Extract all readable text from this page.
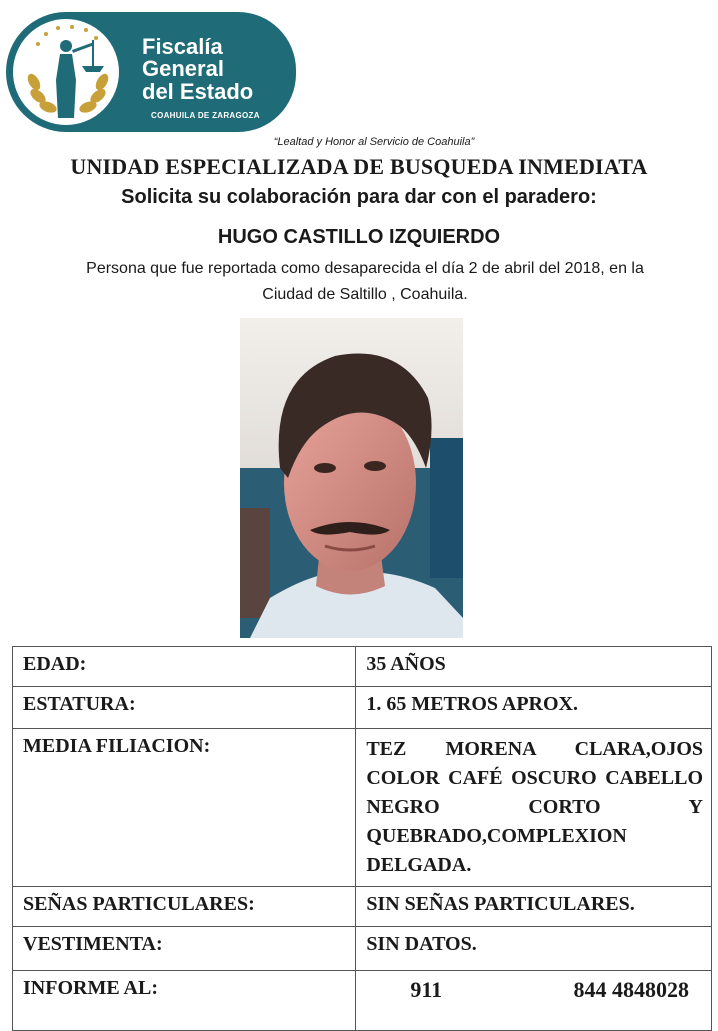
Fiscalía
General
del Estado
COAHUILA DE ZARAGOZA
“Lealtad y Honor al Servicio de Coahuila”
UNIDAD ESPECIALIZADA DE BUSQUEDA INMEDIATA
Solicita su colaboración para dar con el paradero:
HUGO CASTILLO IZQUIERDO
Persona que fue reportada como desaparecida el día 2 de abril del 2018, en la Ciudad de Saltillo , Coahuila.
EDAD:	35 AÑOS
ESTATURA:	1. 65 METROS APROX.
MEDIA FILIACION:	TEZ MORENA CLARA,OJOS COLOR CAFÉ OSCURO CABELLO NEGRO CORTO Y QUEBRADO,COMPLEXION DELGADA.
SEÑAS PARTICULARES:	SIN SEÑAS PARTICULARES.
VESTIMENTA:	SIN DATOS.
INFORME AL:	911 844 4848028
